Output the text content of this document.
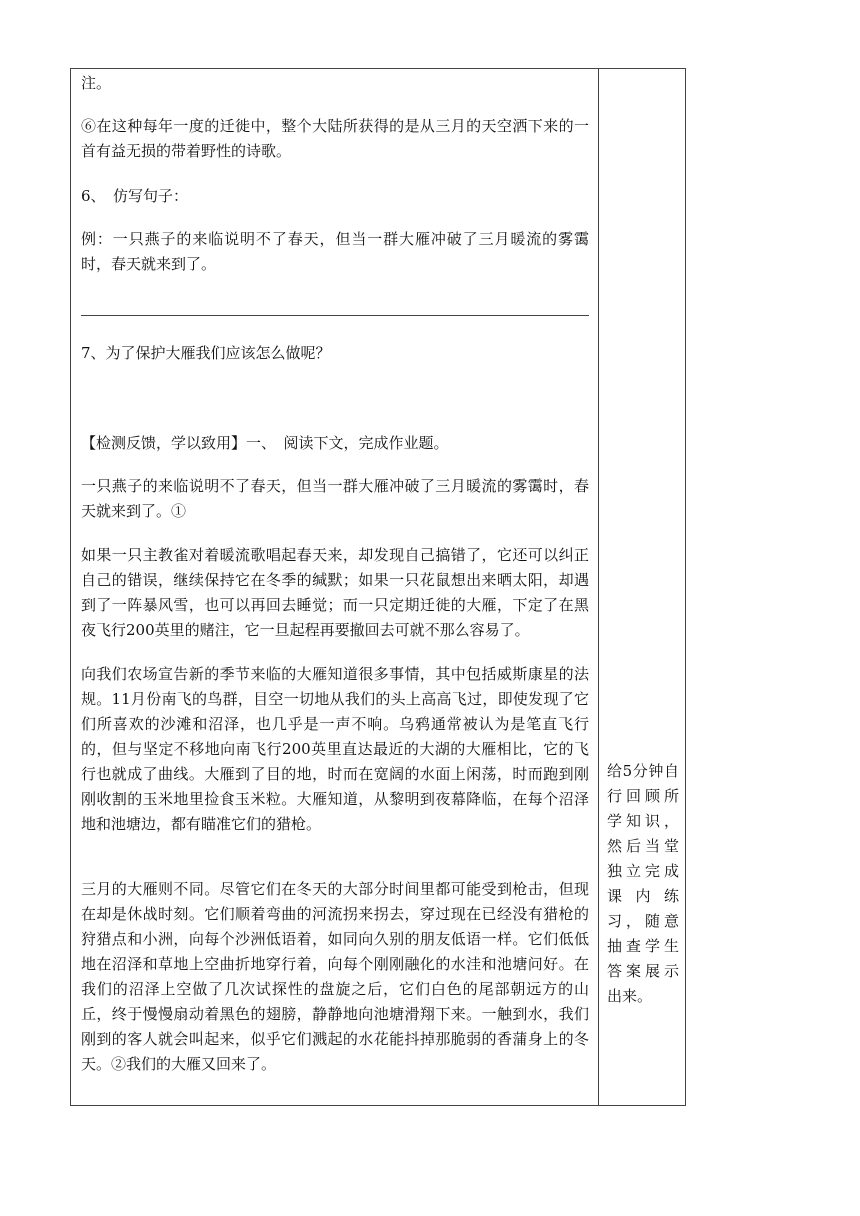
注。

⑥在这种每年一度的迁徙中，整个大陆所获得的是从三月的天空洒下来的一首有益无损的带着野性的诗歌。

6、　仿写句子：

例：一只燕子的来临说明不了春天，但当一群大雁冲破了三月暖流的雾霭时，春天就来到了。

7、为了保护大雁我们应该怎么做呢？

【检测反馈，学以致用】一、　阅读下文，完成作业题。

一只燕子的来临说明不了春天，但当一群大雁冲破了三月暖流的雾霭时，春天就来到了。①

如果一只主教雀对着暖流歌唱起春天来，却发现自己搞错了，它还可以纠正自己的错误，继续保持它在冬季的缄默；如果一只花鼠想出来晒太阳，却遇到了一阵暴风雪，也可以再回去睡觉；而一只定期迁徙的大雁，下定了在黑夜飞行200英里的赌注，它一旦起程再要撤回去可就不那么容易了。

向我们农场宣告新的季节来临的大雁知道很多事情，其中包括威斯康星的法规。11月份南飞的鸟群，目空一切地从我们的头上高高飞过，即使发现了它们所喜欢的沙滩和沼泽，也几乎是一声不响。乌鸦通常被认为是笔直飞行的，但与坚定不移地向南飞行200英里直达最近的大湖的大雁相比，它的飞行也就成了曲线。大雁到了目的地，时而在宽阔的水面上闲荡，时而跑到刚刚收割的玉米地里捡食玉米粒。大雁知道，从黎明到夜幕降临，在每个沼泽地和池塘边，都有瞄准它们的猎枪。

三月的大雁则不同。尽管它们在冬天的大部分时间里都可能受到枪击，但现在却是休战时刻。它们顺着弯曲的河流拐来拐去，穿过现在已经没有猎枪的狩猎点和小洲，向每个沙洲低语着，如同向久别的朋友低语一样。它们低低地在沼泽和草地上空曲折地穿行着，向每个刚刚融化的水洼和池塘问好。在我们的沼泽上空做了几次试探性的盘旋之后，它们白色的尾部朝远方的山丘，终于慢慢扇动着黑色的翅膀，静静地向池塘滑翔下来。一触到水，我们刚到的客人就会叫起来，似乎它们溅起的水花能抖掉那脆弱的香蒲身上的冬天。②我们的大雁又回来了。

给5分钟自行回顾所学知识，然后当堂独立完成课内练习，随意抽查学生答案展示出来。
